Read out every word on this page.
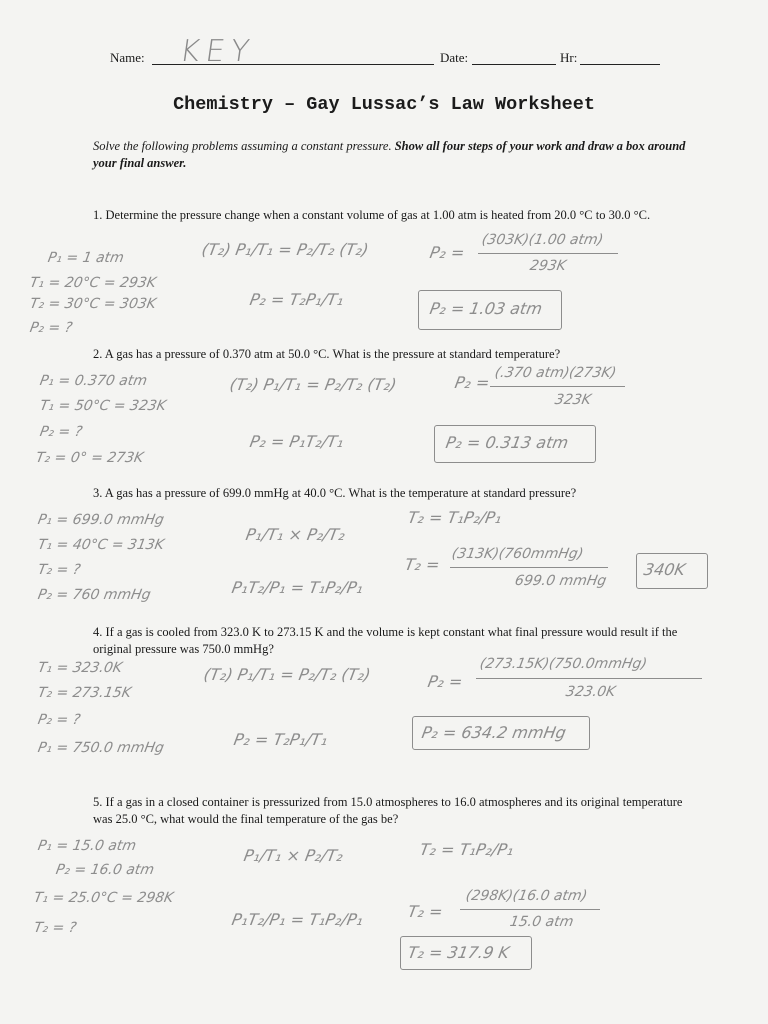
Name: KEY	Date:	Hr:
Chemistry – Gay Lussac’s Law Worksheet
Solve the following problems assuming a constant pressure. Show all four steps of your work and draw a box around your final answer.
1. Determine the pressure change when a constant volume of gas at 1.00 atm is heated from 20.0 °C to 30.0 °C.
P₁ = 1 atm
T₁ = 20°C = 293K
T₂ = 30°C = 303K
P₂ = ?
(T₂) P₁/T₁ = P₂/T₂ (T₂)
P₂ = T₂P₁/T₁
P₂ =
(303K)(1.00 atm)
293K
P₂ = 1.03 atm
2. A gas has a pressure of 0.370 atm at 50.0 °C. What is the pressure at standard temperature?
P₁ = 0.370 atm
T₁ = 50°C = 323K
P₂ = ?
T₂ = 0° = 273K
(T₂) P₁/T₁ = P₂/T₂ (T₂)
P₂ = P₁T₂/T₁
P₂ = (.370 atm)(273K)
323K
P₂ = 0.313 atm
3. A gas has a pressure of 699.0 mmHg at 40.0 °C. What is the temperature at standard pressure?
P₁ = 699.0 mmHg
T₁ = 40°C = 313K
T₂ = ?
P₂ = 760 mmHg
P₁/T₁ ⨯ P₂/T₂
P₁T₂/P₁ = T₁P₂/P₁
T₂ = T₁P₂/P₁
T₂ =
(313K)(760mmHg)
699.0 mmHg
340K
4. If a gas is cooled from 323.0 K to 273.15 K and the volume is kept constant what final pressure would result if the original pressure was 750.0 mmHg?
T₁ = 323.0K
T₂ = 273.15K
P₂ = ?
P₁ = 750.0 mmHg
(T₂) P₁/T₁ = P₂/T₂ (T₂)
P₂ = T₂P₁/T₁
P₂ =
(273.15K)(750.0mmHg)
323.0K
P₂ = 634.2 mmHg
5. If a gas in a closed container is pressurized from 15.0 atmospheres to 16.0 atmospheres and its original temperature was 25.0 °C, what would the final temperature of the gas be?
P₁ = 15.0 atm
P₂ = 16.0 atm
T₁ = 25.0°C = 298K
T₂ = ?
P₁/T₁ ⨯ P₂/T₂
P₁T₂/P₁ = T₁P₂/P₁
T₂ = T₁P₂/P₁
T₂ =
(298K)(16.0 atm)
15.0 atm
T₂ = 317.9 K
